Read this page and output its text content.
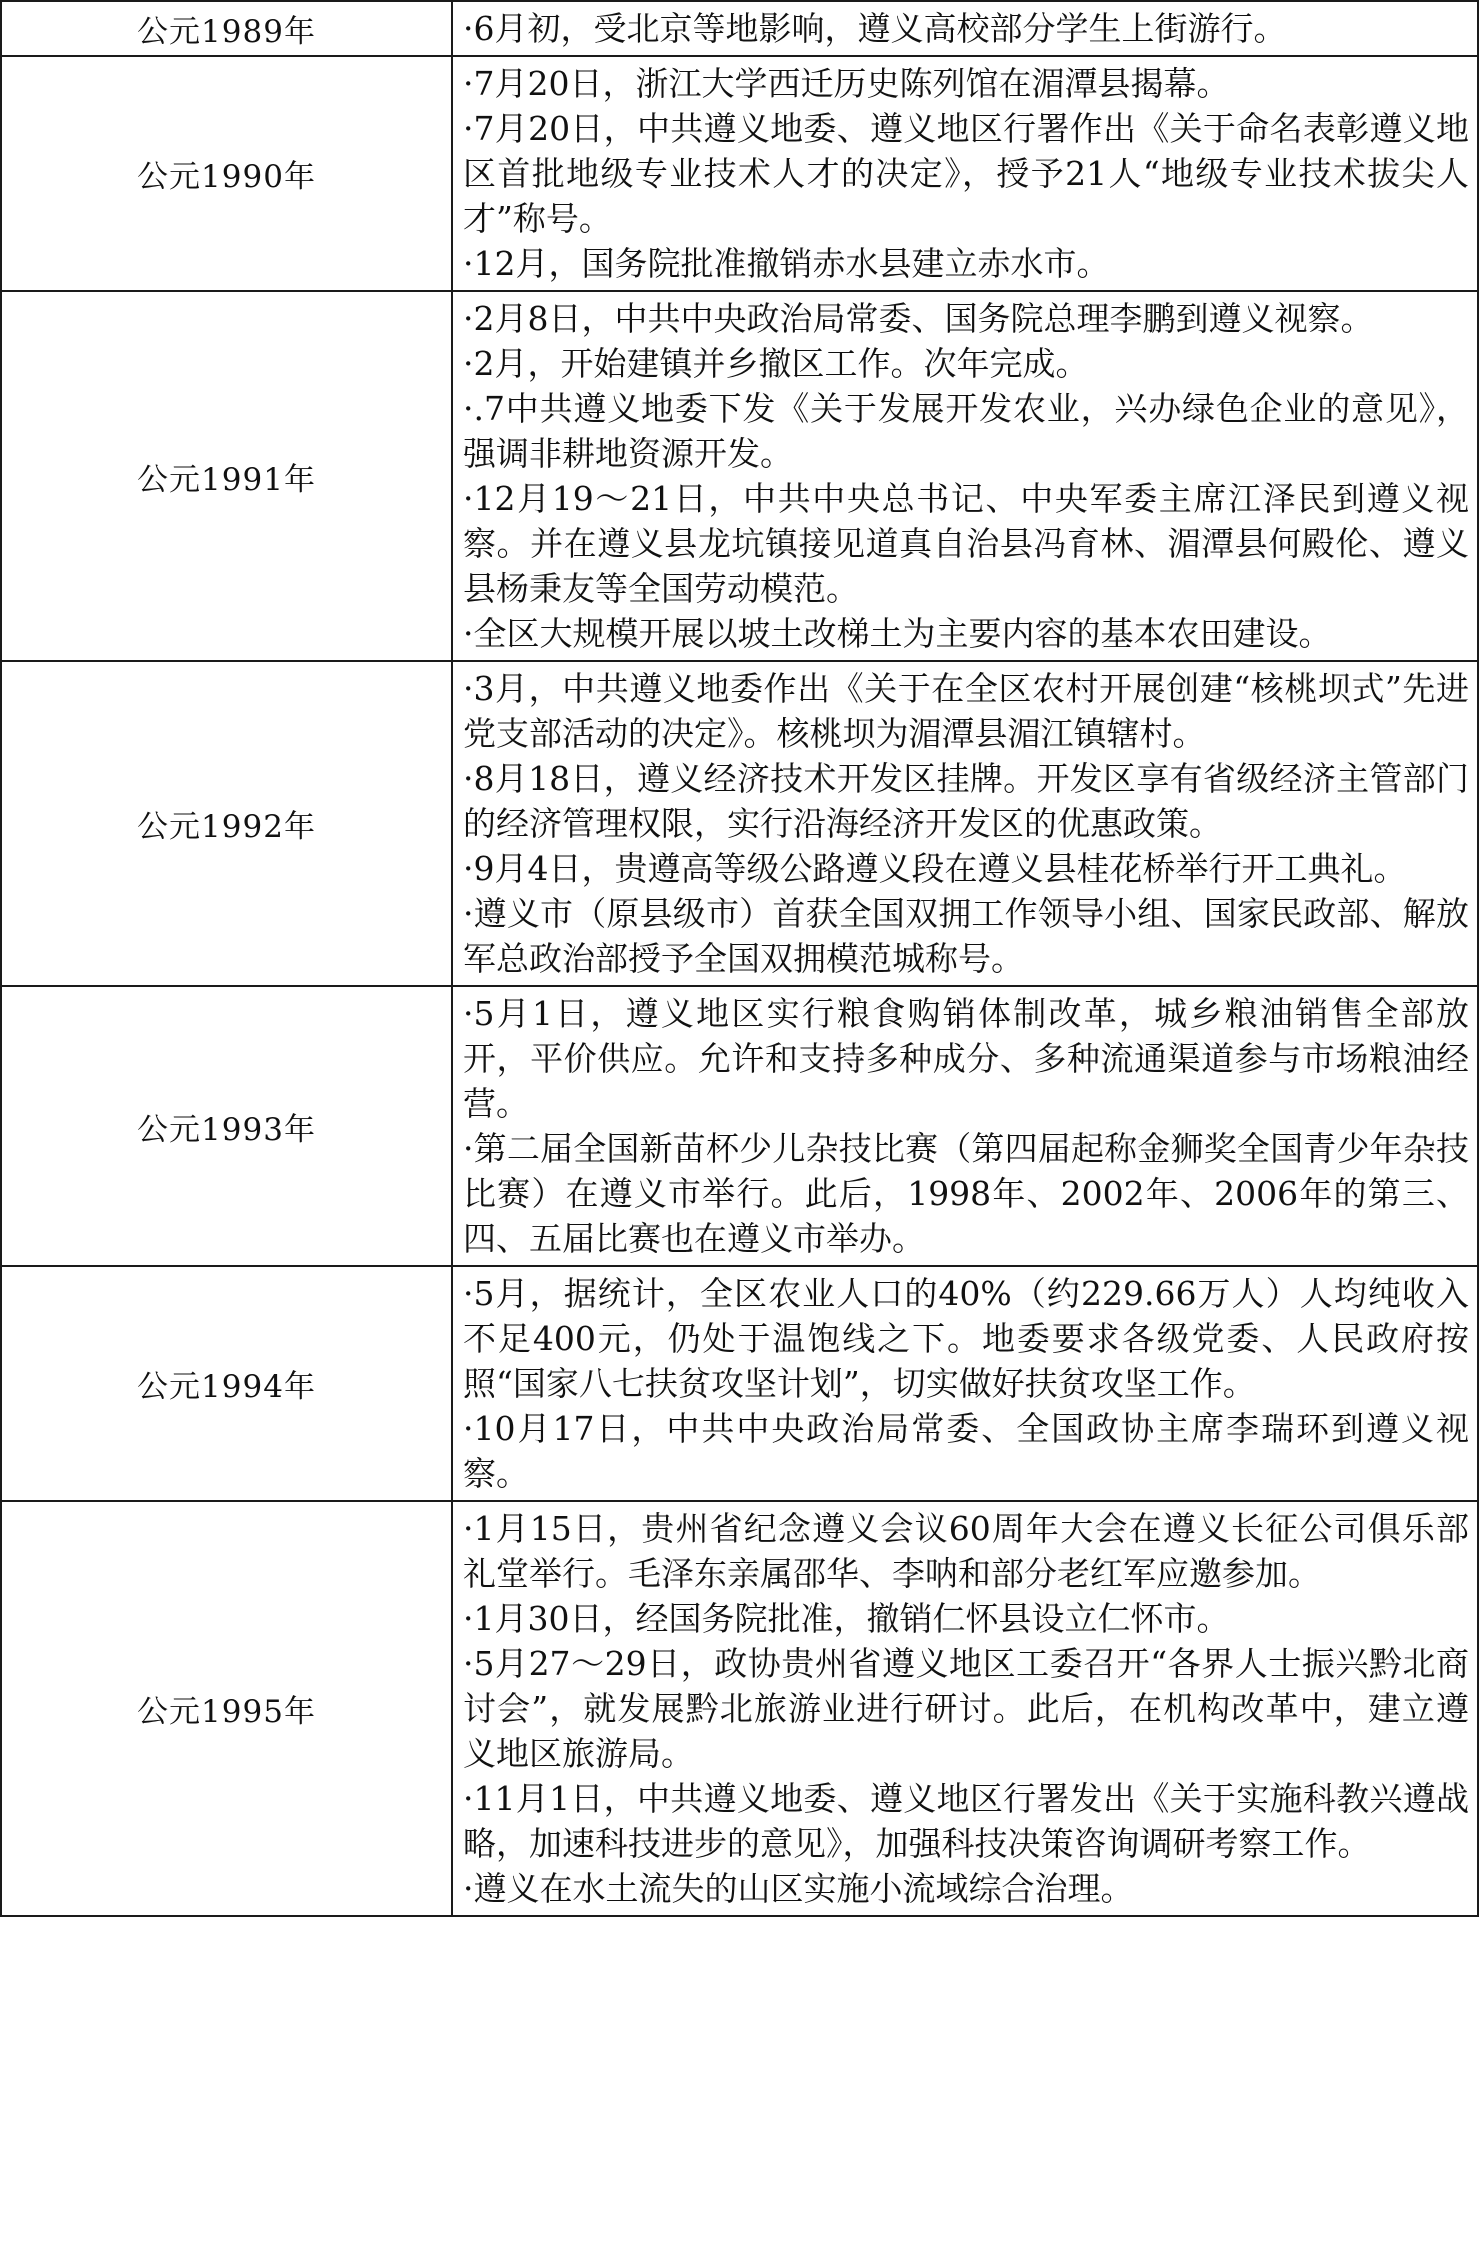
公元1989年	·6月初，受北京等地影响，遵义高校部分学生上街游行。

公元1990年	·7月20日，浙江大学西迁历史陈列馆在湄潭县揭幕。

·7月20日，中共遵义地委、遵义地区行署作出《关于命名表彰遵义地区首批地级专业技术人才的决定》，授予21人“地级专业技术拔尖人才”称号。

·12月，国务院批准撤销赤水县建立赤水市。

公元1991年	·2月8日，中共中央政治局常委、国务院总理李鹏到遵义视察。

·2月，开始建镇并乡撤区工作。次年完成。

·.7中共遵义地委下发《关于发展开发农业，兴办绿色企业的意见》，强调非耕地资源开发。

·12月19～21日，中共中央总书记、中央军委主席江泽民到遵义视察。并在遵义县龙坑镇接见道真自治县冯育林、湄潭县何殿伦、遵义县杨秉友等全国劳动模范。

·全区大规模开展以坡土改梯土为主要内容的基本农田建设。

公元1992年	·3月，中共遵义地委作出《关于在全区农村开展创建“核桃坝式”先进党支部活动的决定》。核桃坝为湄潭县湄江镇辖村。

·8月18日，遵义经济技术开发区挂牌。开发区享有省级经济主管部门的经济管理权限，实行沿海经济开发区的优惠政策。

·9月4日，贵遵高等级公路遵义段在遵义县桂花桥举行开工典礼。

·遵义市（原县级市）首获全国双拥工作领导小组、国家民政部、解放军总政治部授予全国双拥模范城称号。

公元1993年	·5月1日，遵义地区实行粮食购销体制改革，城乡粮油销售全部放开，平价供应。允许和支持多种成分、多种流通渠道参与市场粮油经营。

·第二届全国新苗杯少儿杂技比赛（第四届起称金狮奖全国青少年杂技比赛）在遵义市举行。此后，1998年、2002年、2006年的第三、四、五届比赛也在遵义市举办。

公元1994年	·5月，据统计，全区农业人口的40%（约229.66万人）人均纯收入不足400元，仍处于温饱线之下。地委要求各级党委、人民政府按照“国家八七扶贫攻坚计划”，切实做好扶贫攻坚工作。

·10月17日，中共中央政治局常委、全国政协主席李瑞环到遵义视察。

公元1995年	·1月15日，贵州省纪念遵义会议60周年大会在遵义长征公司俱乐部礼堂举行。毛泽东亲属邵华、李呐和部分老红军应邀参加。

·1月30日，经国务院批准，撤销仁怀县设立仁怀市。

·5月27～29日，政协贵州省遵义地区工委召开“各界人士振兴黔北商讨会”，就发展黔北旅游业进行研讨。此后，在机构改革中，建立遵义地区旅游局。

·11月1日，中共遵义地委、遵义地区行署发出《关于实施科教兴遵战略，加速科技进步的意见》，加强科技决策咨询调研考察工作。

·遵义在水土流失的山区实施小流域综合治理。
